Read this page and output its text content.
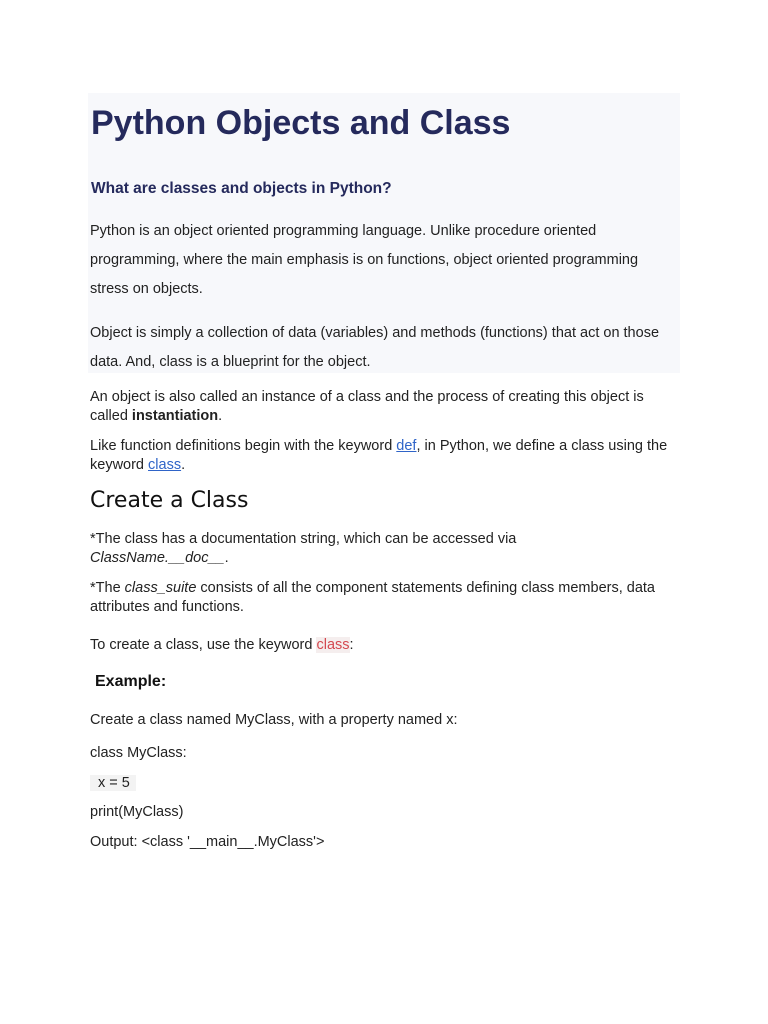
Python Objects and Class
What are classes and objects in Python?

Python is an object oriented programming language. Unlike procedure oriented programming, where the main emphasis is on functions, object oriented programming stress on objects.

Object is simply a collection of data (variables) and methods (functions) that act on those data. And, class is a blueprint for the object.

An object is also called an instance of a class and the process of creating this object is called instantiation.

Like function definitions begin with the keyword def, in Python, we define a class using the keyword class.

Create a Class

*The class has a documentation string, which can be accessed via ClassName.__doc__.

*The class_suite consists of all the component statements defining class members, data attributes and functions.

To create a class, use the keyword class:

Example:

Create a class named MyClass, with a property named x:

class MyClass:

x = 5

print(MyClass)

Output: <class '__main__.MyClass'>
